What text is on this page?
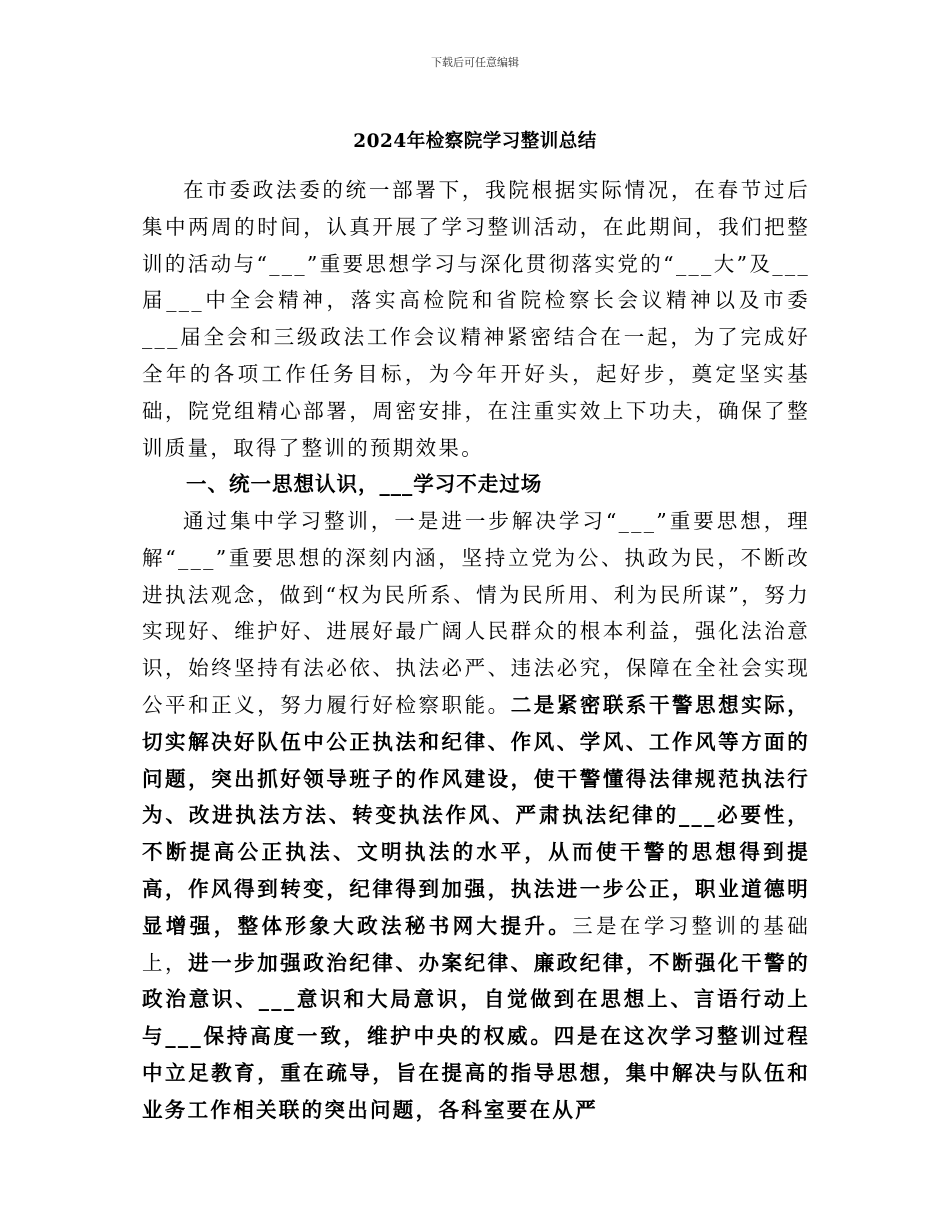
下载后可任意编辑
2024年检察院学习整训总结

在市委政法委的统一部署下，我院根据实际情况，在春节过后集中两周的时间，认真开展了学习整训活动，在此期间，我们把整训的活动与“___”重要思想学习与深化贯彻落实党的“___大”及___届___中全会精神，落实高检院和省院检察长会议精神以及市委___届全会和三级政法工作会议精神紧密结合在一起，为了完成好全年的各项工作任务目标，为今年开好头，起好步，奠定坚实基础，院党组精心部署，周密安排，在注重实效上下功夫，确保了整训质量，取得了整训的预期效果。

一、统一思想认识，___学习不走过场

通过集中学习整训，一是进一步解决学习“___”重要思想，理解“___”重要思想的深刻内涵，坚持立党为公、执政为民，不断改进执法观念，做到“权为民所系、情为民所用、利为民所谋”，努力实现好、维护好、进展好最广阔人民群众的根本利益，强化法治意识，始终坚持有法必依、执法必严、违法必究，保障在全社会实现公平和正义，努力履行好检察职能。二是紧密联系干警思想实际，切实解决好队伍中公正执法和纪律、作风、学风、工作风等方面的问题，突出抓好领导班子的作风建设，使干警懂得法律规范执法行为、改进执法方法、转变执法作风、严肃执法纪律的___必要性，不断提高公正执法、文明执法的水平，从而使干警的思想得到提高，作风得到转变，纪律得到加强，执法进一步公正，职业道德明显增强，整体形象大政法秘书网大提升。三是在学习整训的基础上，进一步加强政治纪律、办案纪律、廉政纪律，不断强化干警的政治意识、___意识和大局意识，自觉做到在思想上、言语行动上与___保持高度一致，维护中央的权威。四是在这次学习整训过程中立足教育，重在疏导，旨在提高的指导思想，集中解决与队伍和业务工作相关联的突出问题，各科室要在从严
